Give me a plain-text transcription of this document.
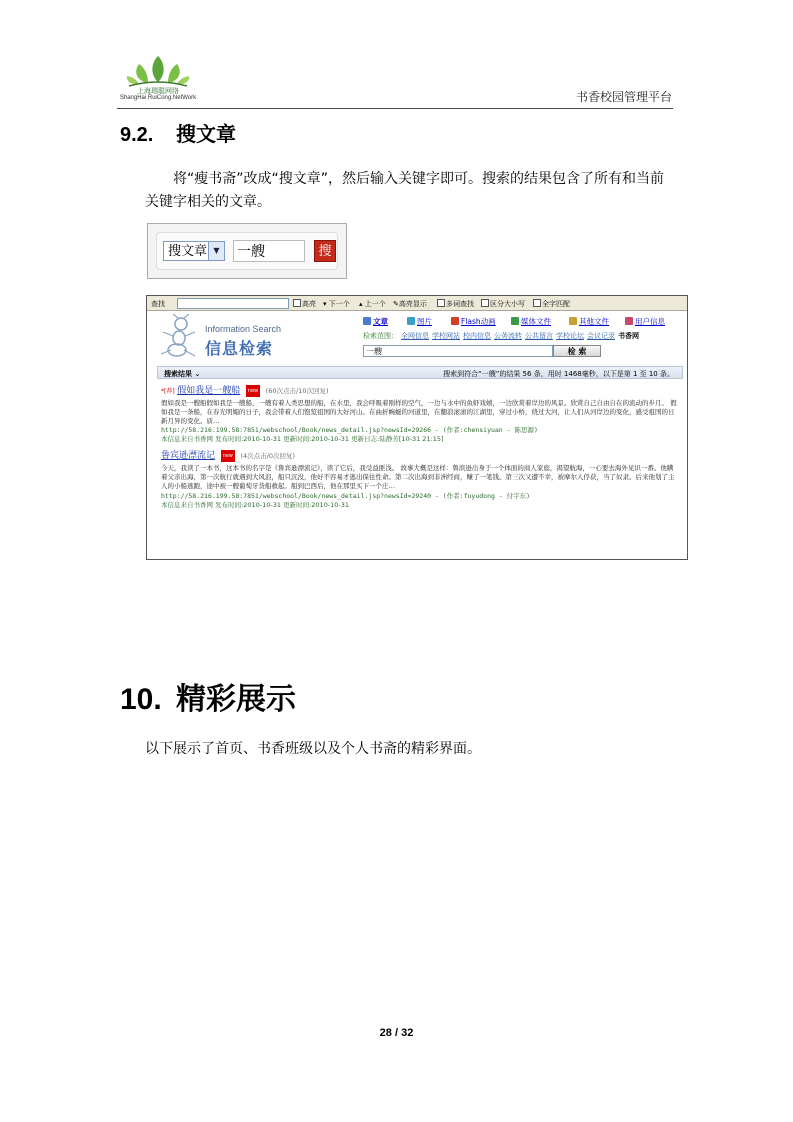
上海瑞聪网络
ShangHai RuiCong.NetWork	书香校园管理平台
9.2. 搜文章

将“瘦书斋”改成“搜文章”，然后输入关键字即可。搜索的结果包含了所有和当前关键字相关的文章。

搜文章 ▼	一艘	搜
查找	高亮 ▾ 下一个 ▴ 上一个 ✎高亮显示	多词查找	区分大小写	全字匹配
Information Search
信息检索
文章	图片	Flash动画	媒体文件	其他文件	用户信息
检索范围： 全网信息 学校网站 校内信息 公务流转 公共留言 学校论坛 会议记录 书香网
一艘	检 索
搜索结果 ⌄	搜索到符合“一艘”的结果 56 条，用时 1468毫秒，以下是第 1 至 10 条。
*[荐] 假如我是一艘船 new (60次点击/10次回复)
假如我是一艘船假如我是一艘船，一艘有着人类思想的船，在水里，我会呼吸着刚样的空气，一边与水中的鱼虾戏嬉，一边欣赏着岸边的风景。欣赏自己自由自在的流动的步月。 假如我是一条船，在春光明媚的日子，我会带着人们饱览祖国的大好河山。在曲折蜿蜒的河道里，在翻浪滚滚的江湖里，穿过小桥，绕过大河，让人们从河岸边的变化，感受祖国的日新月异的变化。质…
http://58.216.199.58:7851/webschool/Book/news_detail.jsp?newsId=29266 - (作者:chensiyuan - 陈思源)
本信息来自书香网 发布时间:2010-10-31 更新时间:2010-10-31 更新日志:陆静芳[10-31 21:15]
鲁宾逊漂流记 new (4次点击/0次回复)
今天，我读了一本书，这本书的名字是《鲁宾逊漂流记》，读了它后，我受益匪浅。 故事大概是这样：鲁滨逊出身于一个体面的商人家庭，渴望航海，一心要去海外见识一番。他瞒着父亲出海，第一次航行就遇到大风浪，船只沉没，他好不容易才逃出保住性命。第二次出海到非洲经商，赚了一笔钱。第三次又遭不幸，被摩尔人俘获，当了奴隶。后来他划了主人的小船逃跑，途中被一艘葡萄牙货船救起。船到巴西后，他在那里买下一个庄…
http://58.216.199.58:7851/webschool/Book/news_detail.jsp?newsId=29240 - (作者:fuyudong - 付宇东)
本信息来自书香网 发布时间:2010-10-31 更新时间:2010-10-31
10. 精彩展示

以下展示了首页、书香班级以及个人书斋的精彩界面。

28 / 32
